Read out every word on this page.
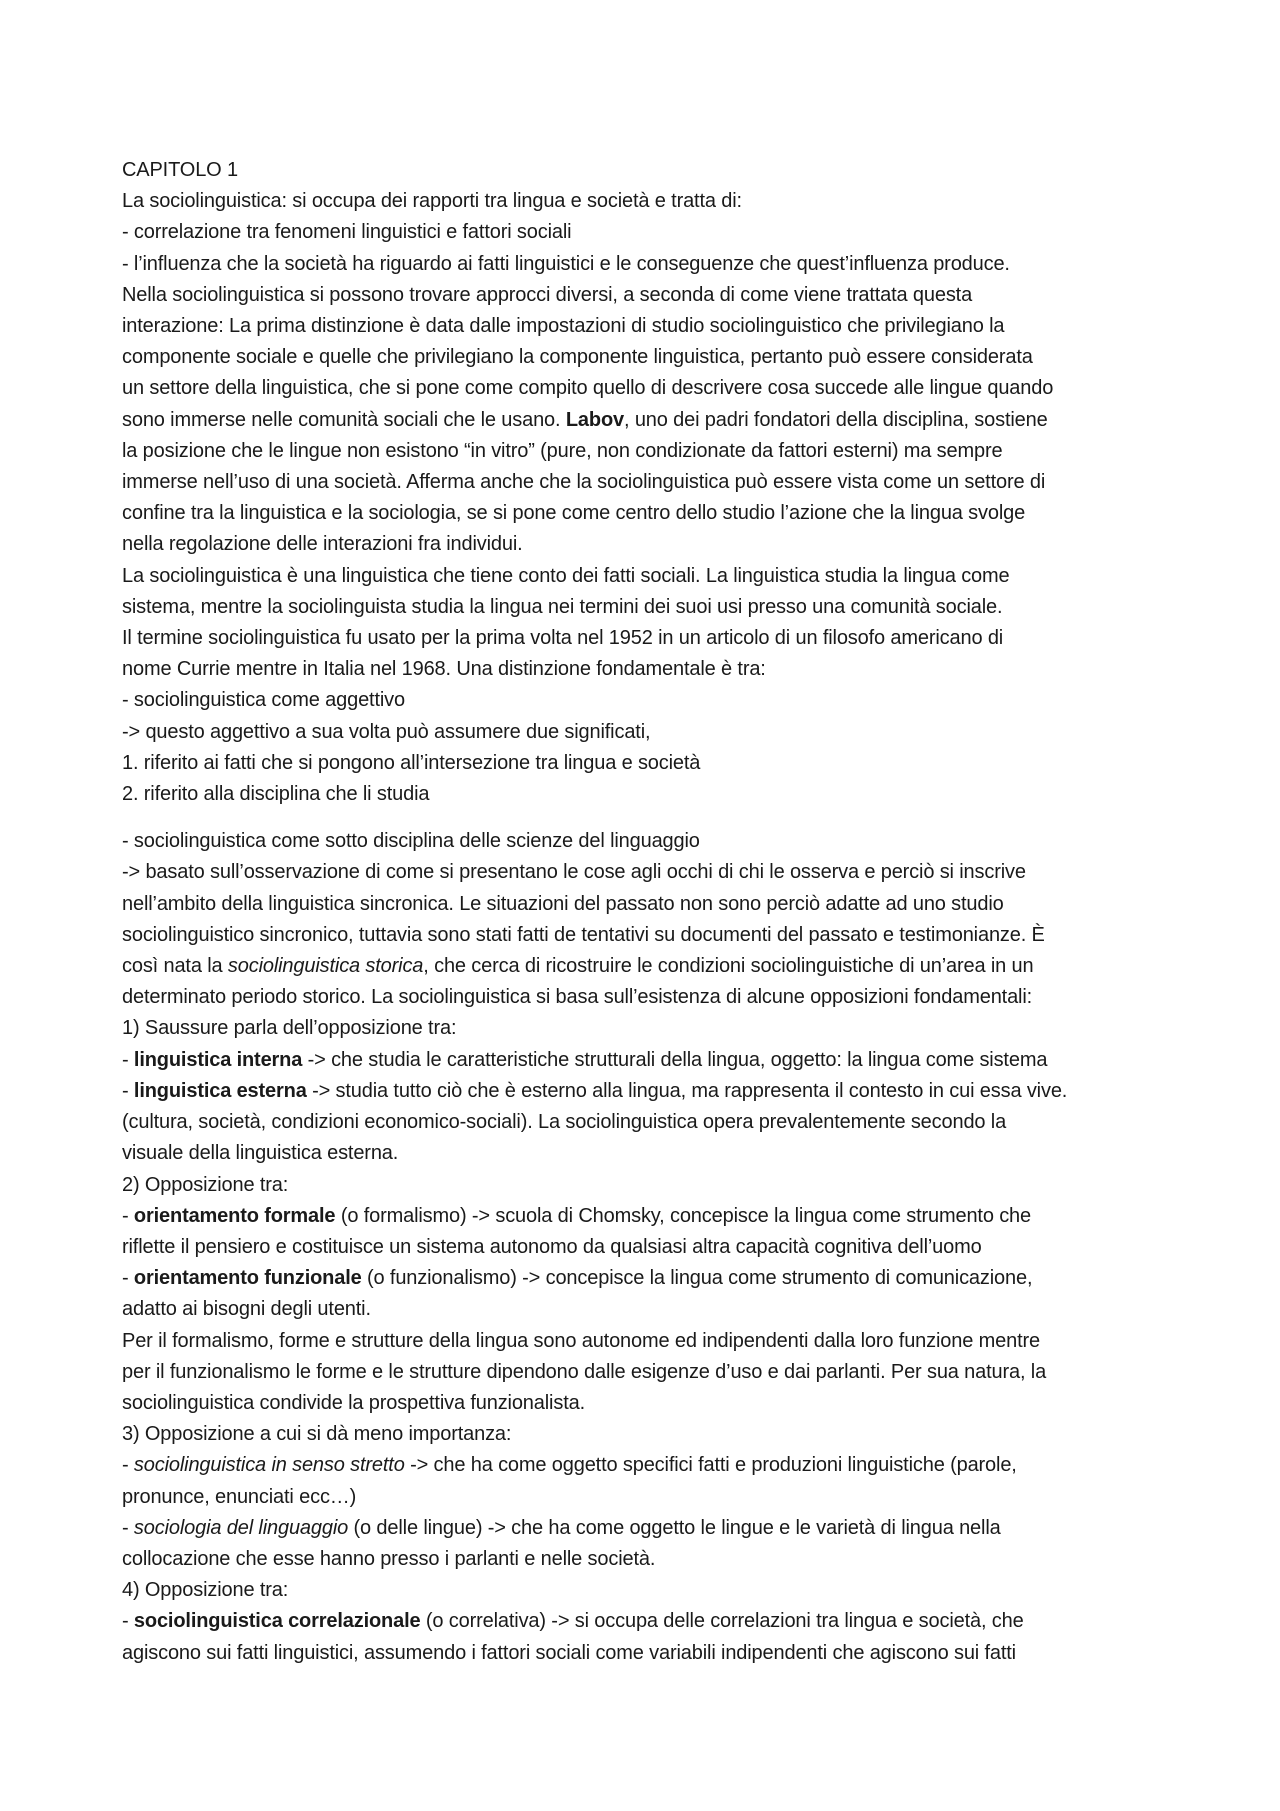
CAPITOLO 1
La sociolinguistica: si occupa dei rapporti tra lingua e società e tratta di:
- correlazione tra fenomeni linguistici e fattori sociali
- l’influenza che la società ha riguardo ai fatti linguistici e le conseguenze che quest’influenza produce.
Nella sociolinguistica si possono trovare approcci diversi, a seconda di come viene trattata questa
interazione: La prima distinzione è data dalle impostazioni di studio sociolinguistico che privilegiano la
componente sociale e quelle che privilegiano la componente linguistica, pertanto può essere considerata
un settore della linguistica, che si pone come compito quello di descrivere cosa succede alle lingue quando
sono immerse nelle comunità sociali che le usano. Labov, uno dei padri fondatori della disciplina, sostiene
la posizione che le lingue non esistono “in vitro” (pure, non condizionate da fattori esterni) ma sempre
immerse nell’uso di una società. Afferma anche che la sociolinguistica può essere vista come un settore di
confine tra la linguistica e la sociologia, se si pone come centro dello studio l’azione che la lingua svolge
nella regolazione delle interazioni fra individui.
La sociolinguistica è una linguistica che tiene conto dei fatti sociali. La linguistica studia la lingua come
sistema, mentre la sociolinguista studia la lingua nei termini dei suoi usi presso una comunità sociale.
Il termine sociolinguistica fu usato per la prima volta nel 1952 in un articolo di un filosofo americano di
nome Currie mentre in Italia nel 1968. Una distinzione fondamentale è tra:
- sociolinguistica come aggettivo
-> questo aggettivo a sua volta può assumere due significati,
1. riferito ai fatti che si pongono all’intersezione tra lingua e società
2. riferito alla disciplina che li studia
- sociolinguistica come sotto disciplina delle scienze del linguaggio
-> basato sull’osservazione di come si presentano le cose agli occhi di chi le osserva e perciò si inscrive
nell’ambito della linguistica sincronica. Le situazioni del passato non sono perciò adatte ad uno studio
sociolinguistico sincronico, tuttavia sono stati fatti de tentativi su documenti del passato e testimonianze. È
così nata la sociolinguistica storica, che cerca di ricostruire le condizioni sociolinguistiche di un’area in un
determinato periodo storico. La sociolinguistica si basa sull’esistenza di alcune opposizioni fondamentali:
1) Saussure parla dell’opposizione tra:
- linguistica interna -> che studia le caratteristiche strutturali della lingua, oggetto: la lingua come sistema
- linguistica esterna -> studia tutto ciò che è esterno alla lingua, ma rappresenta il contesto in cui essa vive.
(cultura, società, condizioni economico-sociali). La sociolinguistica opera prevalentemente secondo la
visuale della linguistica esterna.
2) Opposizione tra:
- orientamento formale (o formalismo) -> scuola di Chomsky, concepisce la lingua come strumento che
riflette il pensiero e costituisce un sistema autonomo da qualsiasi altra capacità cognitiva dell’uomo
- orientamento funzionale (o funzionalismo) -> concepisce la lingua come strumento di comunicazione,
adatto ai bisogni degli utenti.
Per il formalismo, forme e strutture della lingua sono autonome ed indipendenti dalla loro funzione mentre
per il funzionalismo le forme e le strutture dipendono dalle esigenze d’uso e dai parlanti. Per sua natura, la
sociolinguistica condivide la prospettiva funzionalista.
3) Opposizione a cui si dà meno importanza:
- sociolinguistica in senso stretto -> che ha come oggetto specifici fatti e produzioni linguistiche (parole,
pronunce, enunciati ecc…)
- sociologia del linguaggio (o delle lingue) -> che ha come oggetto le lingue e le varietà di lingua nella
collocazione che esse hanno presso i parlanti e nelle società.
4) Opposizione tra:
- sociolinguistica correlazionale (o correlativa) -> si occupa delle correlazioni tra lingua e società, che
agiscono sui fatti linguistici, assumendo i fattori sociali come variabili indipendenti che agiscono sui fatti
